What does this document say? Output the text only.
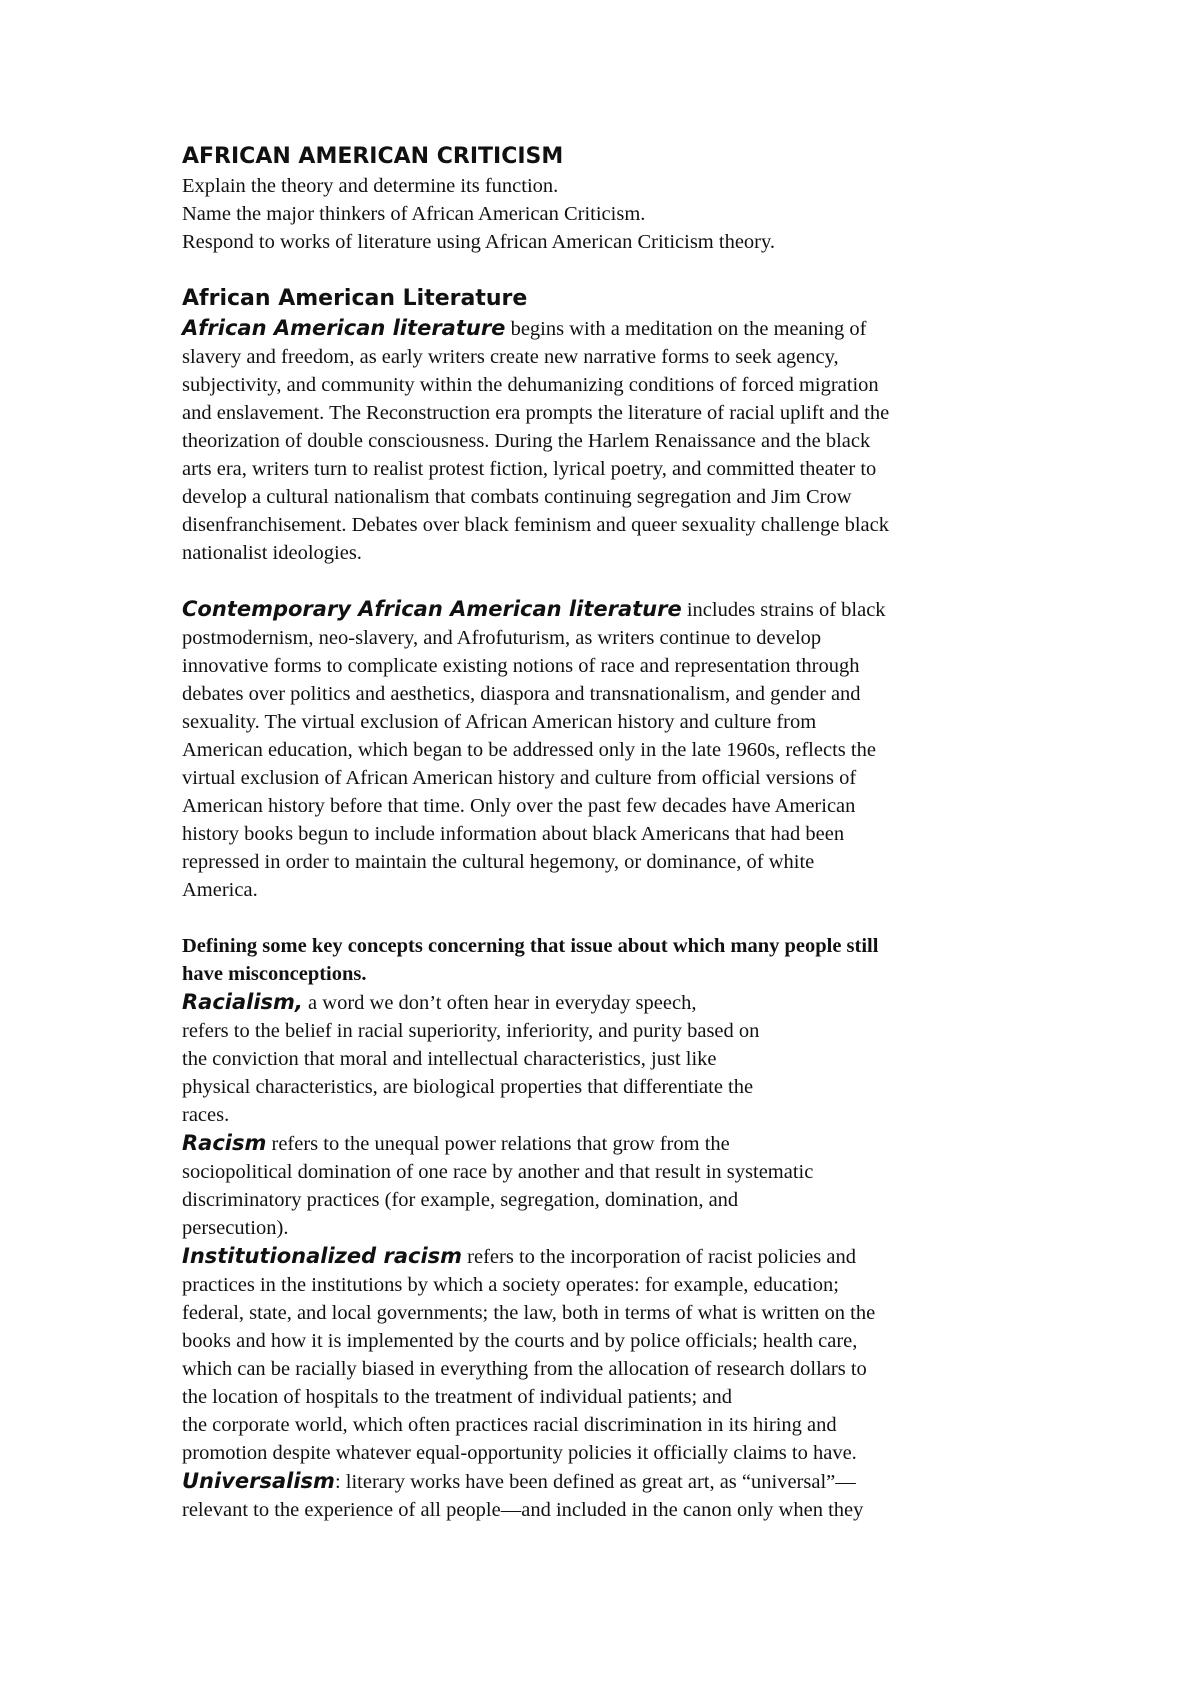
AFRICAN AMERICAN CRITICISM
Explain the theory and determine its function.
Name the major thinkers of African American Criticism.
Respond to works of literature using African American Criticism theory.
African American Literature
African American literature begins with a meditation on the meaning of
slavery and freedom, as early writers create new narrative forms to seek agency,
subjectivity, and community within the dehumanizing conditions of forced migration
and enslavement. The Reconstruction era prompts the literature of racial uplift and the
theorization of double consciousness. During the Harlem Renaissance and the black
arts era, writers turn to realist protest fiction, lyrical poetry, and committed theater to
develop a cultural nationalism that combats continuing segregation and Jim Crow
disenfranchisement. Debates over black feminism and queer sexuality challenge black
nationalist ideologies.
Contemporary African American literature includes strains of black
postmodernism, neo-slavery, and Afrofuturism, as writers continue to develop
innovative forms to complicate existing notions of race and representation through
debates over politics and aesthetics, diaspora and transnationalism, and gender and
sexuality. The virtual exclusion of African American history and culture from
American education, which began to be addressed only in the late 1960s, reflects the
virtual exclusion of African American history and culture from official versions of
American history before that time. Only over the past few decades have American
history books begun to include information about black Americans that had been
repressed in order to maintain the cultural hegemony, or dominance, of white
America.
Defining some key concepts concerning that issue about which many people still
have misconceptions.
Racialism, a word we don’t often hear in everyday speech,
refers to the belief in racial superiority, inferiority, and purity based on
the conviction that moral and intellectual characteristics, just like
physical characteristics, are biological properties that differentiate the
races.
Racism refers to the unequal power relations that grow from the
sociopolitical domination of one race by another and that result in systematic
discriminatory practices (for example, segregation, domination, and
persecution).
Institutionalized racism refers to the incorporation of racist policies and
practices in the institutions by which a society operates: for example, education;
federal, state, and local governments; the law, both in terms of what is written on the
books and how it is implemented by the courts and by police officials; health care,
which can be racially biased in everything from the allocation of research dollars to
the location of hospitals to the treatment of individual patients; and
the corporate world, which often practices racial discrimination in its hiring and
promotion despite whatever equal-opportunity policies it officially claims to have.
Universalism: literary works have been defined as great art, as “universal”—
relevant to the experience of all people—and included in the canon only when they
